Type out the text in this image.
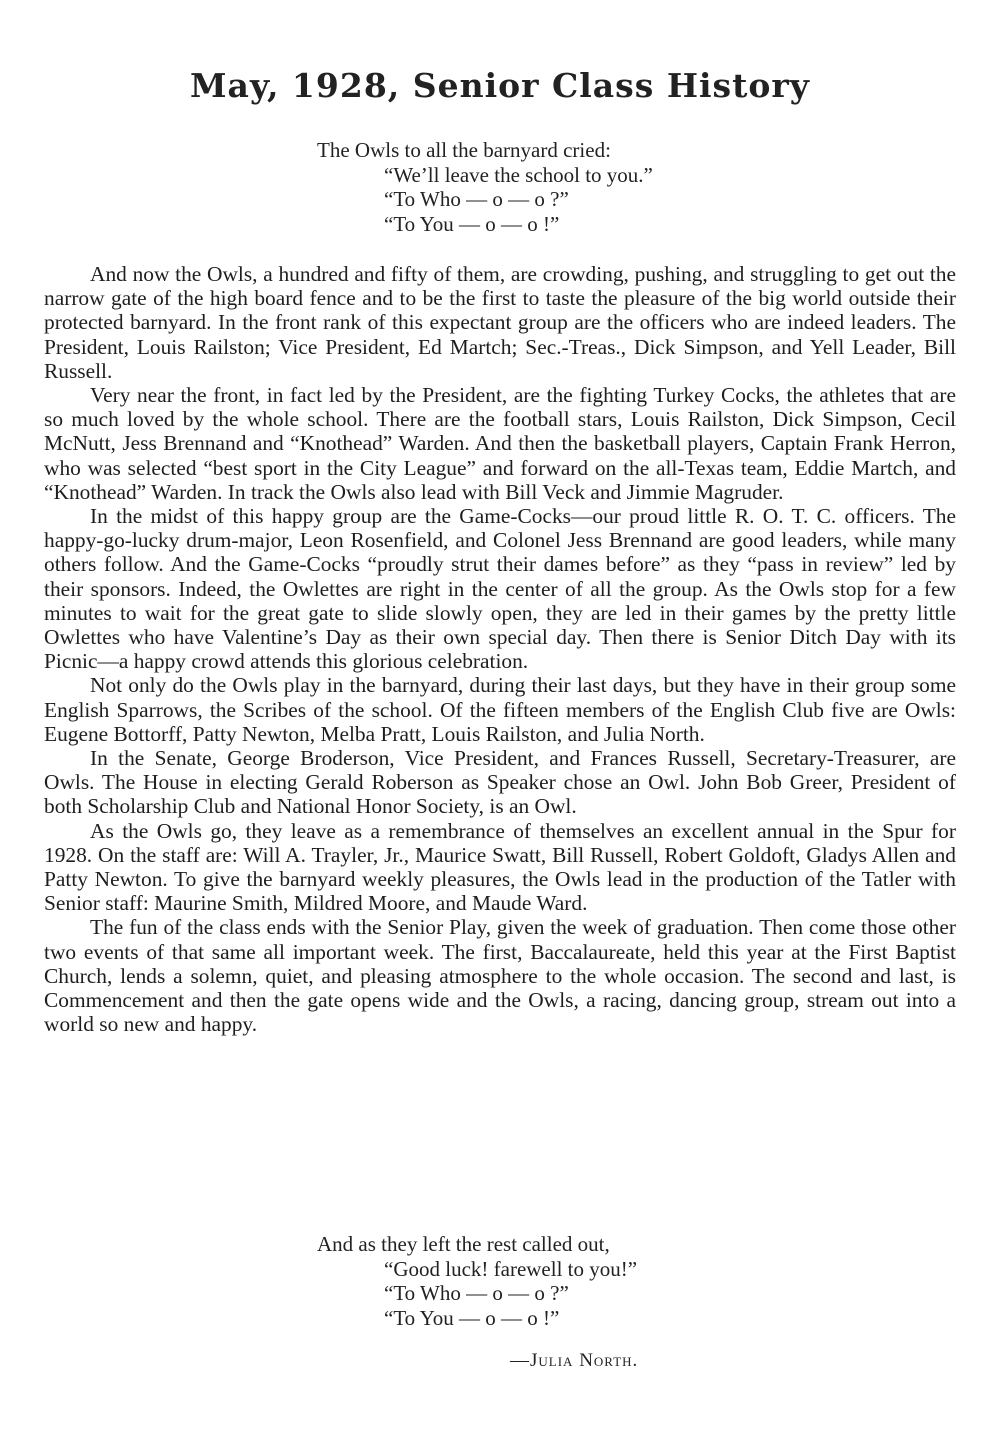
May, 1928, Senior Class History
The Owls to all the barnyard cried:
“We’ll leave the school to you.”
“To Who — o — o ?”
“To You — o — o !”

And now the Owls, a hundred and fifty of them, are crowding, pushing, and struggling to get out the narrow gate of the high board fence and to be the first to taste the pleasure of the big world outside their protected barnyard. In the front rank of this expectant group are the officers who are indeed leaders. The President, Louis Railston; Vice President, Ed Martch; Sec.-Treas., Dick Simpson, and Yell Leader, Bill Russell.

Very near the front, in fact led by the President, are the fighting Turkey Cocks, the athletes that are so much loved by the whole school. There are the football stars, Louis Railston, Dick Simpson, Cecil McNutt, Jess Brennand and “Knothead” Warden. And then the basketball players, Captain Frank Herron, who was selected “best sport in the City League” and forward on the all-Texas team, Eddie Martch, and “Knothead” Warden. In track the Owls also lead with Bill Veck and Jimmie Magruder.

In the midst of this happy group are the Game-Cocks—our proud little R. O. T. C. officers. The happy-go-lucky drum-major, Leon Rosenfield, and Colonel Jess Brennand are good leaders, while many others follow. And the Game-Cocks “proudly strut their dames before” as they “pass in review” led by their sponsors. Indeed, the Owlettes are right in the center of all the group. As the Owls stop for a few minutes to wait for the great gate to slide slowly open, they are led in their games by the pretty little Owlettes who have Valentine’s Day as their own special day. Then there is Senior Ditch Day with its Picnic—a happy crowd attends this glorious celebration.

Not only do the Owls play in the barnyard, during their last days, but they have in their group some English Sparrows, the Scribes of the school. Of the fifteen members of the English Club five are Owls: Eugene Bottorff, Patty Newton, Melba Pratt, Louis Railston, and Julia North.

In the Senate, George Broderson, Vice President, and Frances Russell, Secretary-Treasurer, are Owls. The House in electing Gerald Roberson as Speaker chose an Owl. John Bob Greer, President of both Scholarship Club and National Honor Society, is an Owl.

As the Owls go, they leave as a remembrance of themselves an excellent annual in the Spur for 1928. On the staff are: Will A. Trayler, Jr., Maurice Swatt, Bill Russell, Robert Goldoft, Gladys Allen and Patty Newton. To give the barnyard weekly pleasures, the Owls lead in the production of the Tatler with Senior staff: Maurine Smith, Mildred Moore, and Maude Ward.

The fun of the class ends with the Senior Play, given the week of graduation. Then come those other two events of that same all important week. The first, Baccalaureate, held this year at the First Baptist Church, lends a solemn, quiet, and pleasing atmosphere to the whole occasion. The second and last, is Commencement and then the gate opens wide and the Owls, a racing, dancing group, stream out into a world so new and happy.

And as they left the rest called out,
“Good luck! farewell to you!”
“To Who — o — o ?”
“To You — o — o !”
—Julia North.
